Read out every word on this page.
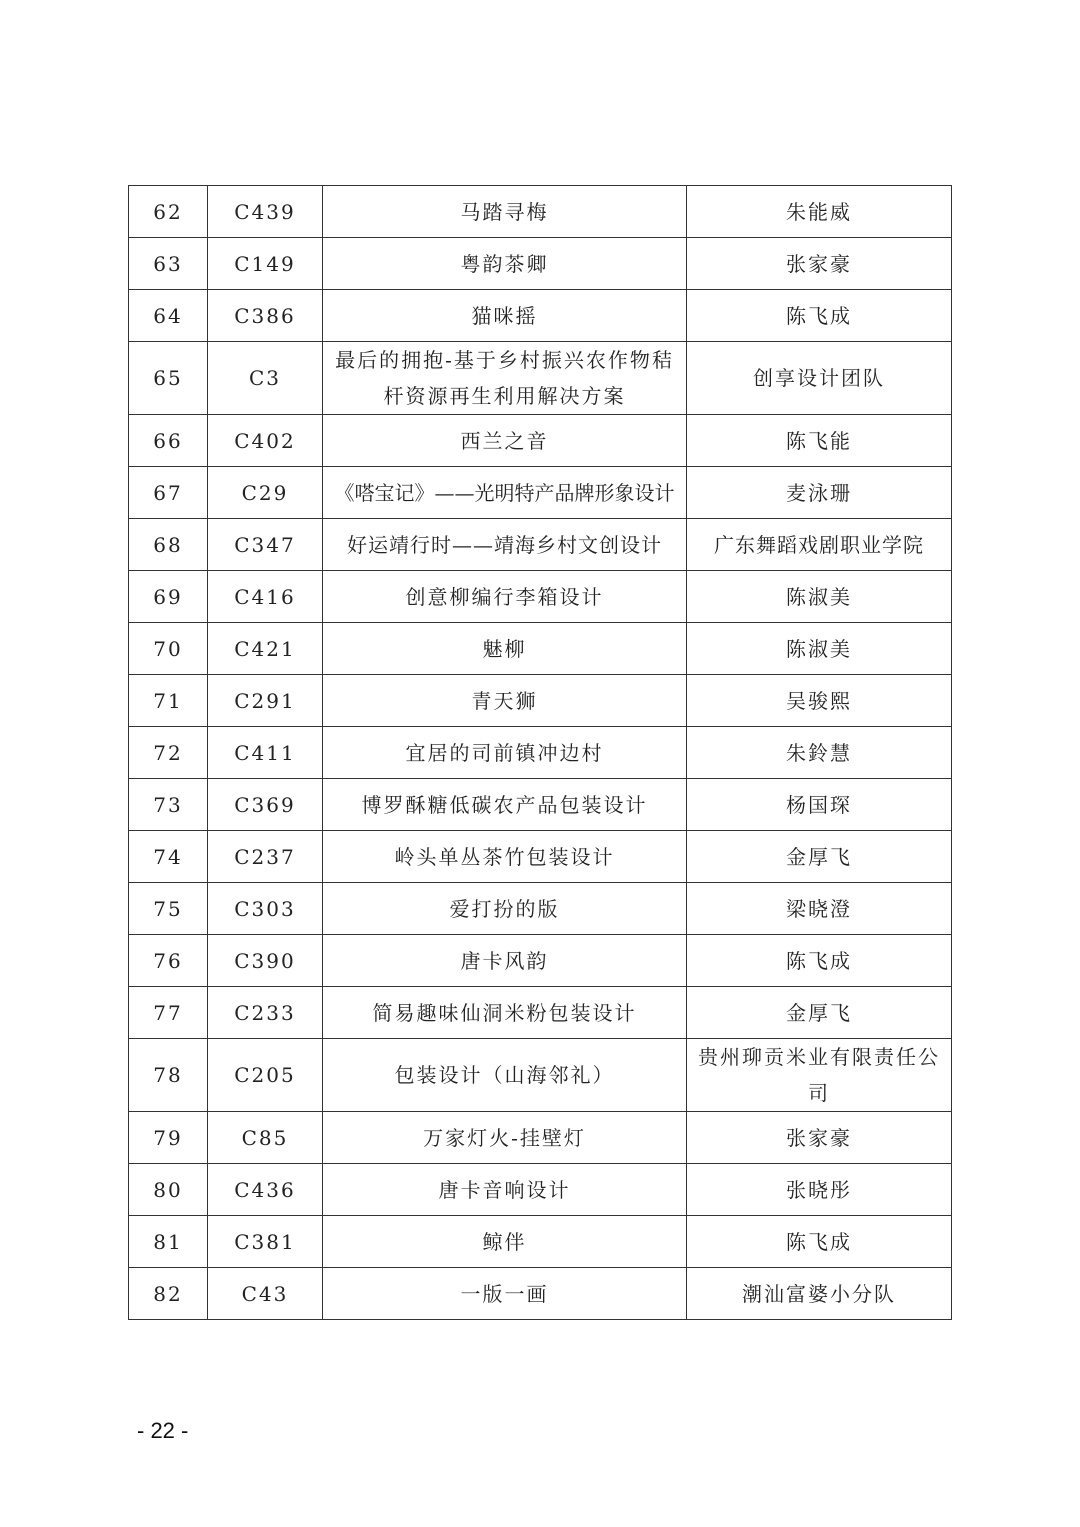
62	C439	马踏寻梅	朱能威
63	C149	粤韵茶卿	张家豪
64	C386	猫咪摇	陈飞成
65	C3	最后的拥抱-基于乡村振兴农作物秸杆资源再生利用解决方案	创享设计团队
66	C402	西兰之音	陈飞能
67	C29	《嗒宝记》——光明特产品牌形象设计	麦泳珊
68	C347	好运靖行时——靖海乡村文创设计	广东舞蹈戏剧职业学院
69	C416	创意柳编行李箱设计	陈淑美
70	C421	魅柳	陈淑美
71	C291	青天狮	吴骏熙
72	C411	宜居的司前镇冲边村	朱鈴慧
73	C369	博罗酥糖低碳农产品包装设计	杨国琛
74	C237	岭头单丛茶竹包装设计	金厚飞
75	C303	爱打扮的版	梁晓澄
76	C390	唐卡风韵	陈飞成
77	C233	简易趣味仙洞米粉包装设计	金厚飞
78	C205	包装设计（山海邻礼）	贵州珋贡米业有限责任公司
79	C85	万家灯火-挂壁灯	张家豪
80	C436	唐卡音响设计	张晓彤
81	C381	鲸伴	陈飞成
82	C43	一版一画	潮汕富婆小分队
- 22 -
